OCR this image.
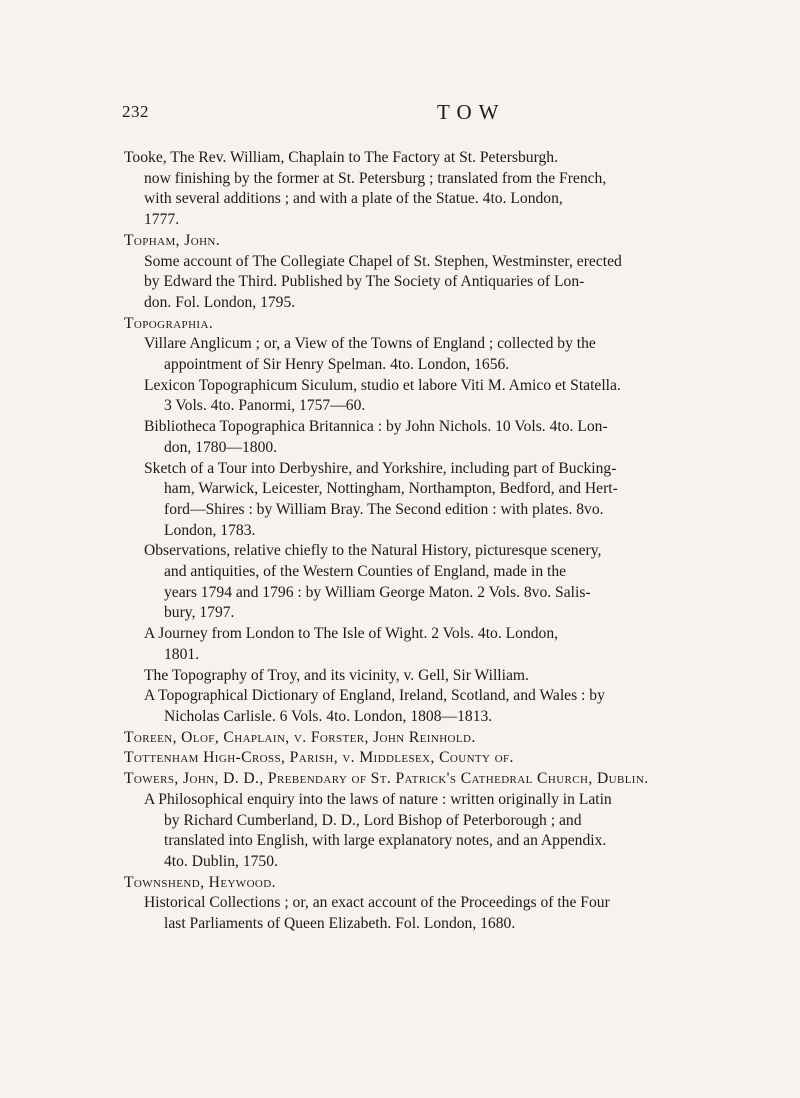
232	TOW
Tooke, The Rev. William, Chaplain to The Factory at St. Petersburgh.
now finishing by the former at St. Petersburg ; translated from the French,
with several additions ; and with a plate of the Statue. 4to. London,
1777.
Topham, John.
Some account of The Collegiate Chapel of St. Stephen, Westminster, erected
by Edward the Third. Published by The Society of Antiquaries of Lon-
don. Fol. London, 1795.
Topographia.
Villare Anglicum ; or, a View of the Towns of England ; collected by the
appointment of Sir Henry Spelman. 4to. London, 1656.
Lexicon Topographicum Siculum, studio et labore Viti M. Amico et Statella.
3 Vols. 4to. Panormi, 1757—60.
Bibliotheca Topographica Britannica : by John Nichols. 10 Vols. 4to. Lon-
don, 1780—1800.
Sketch of a Tour into Derbyshire, and Yorkshire, including part of Bucking-
ham, Warwick, Leicester, Nottingham, Northampton, Bedford, and Hert-
ford—Shires : by William Bray. The Second edition : with plates. 8vo.
London, 1783.
Observations, relative chiefly to the Natural History, picturesque scenery,
and antiquities, of the Western Counties of England, made in the
years 1794 and 1796 : by William George Maton. 2 Vols. 8vo. Salis-
bury, 1797.
A Journey from London to The Isle of Wight. 2 Vols. 4to. London,
1801.
The Topography of Troy, and its vicinity, v. Gell, Sir William.
A Topographical Dictionary of England, Ireland, Scotland, and Wales : by
Nicholas Carlisle. 6 Vols. 4to. London, 1808—1813.
Toreen, Olof, Chaplain, v. Forster, John Reinhold.
Tottenham High-Cross, Parish, v. Middlesex, County of.
Towers, John, D. D., Prebendary of St. Patrick's Cathedral Church, Dublin.
A Philosophical enquiry into the laws of nature : written originally in Latin
by Richard Cumberland, D. D., Lord Bishop of Peterborough ; and
translated into English, with large explanatory notes, and an Appendix.
4to. Dublin, 1750.
Townshend, Heywood.
Historical Collections ; or, an exact account of the Proceedings of the Four
last Parliaments of Queen Elizabeth. Fol. London, 1680.
